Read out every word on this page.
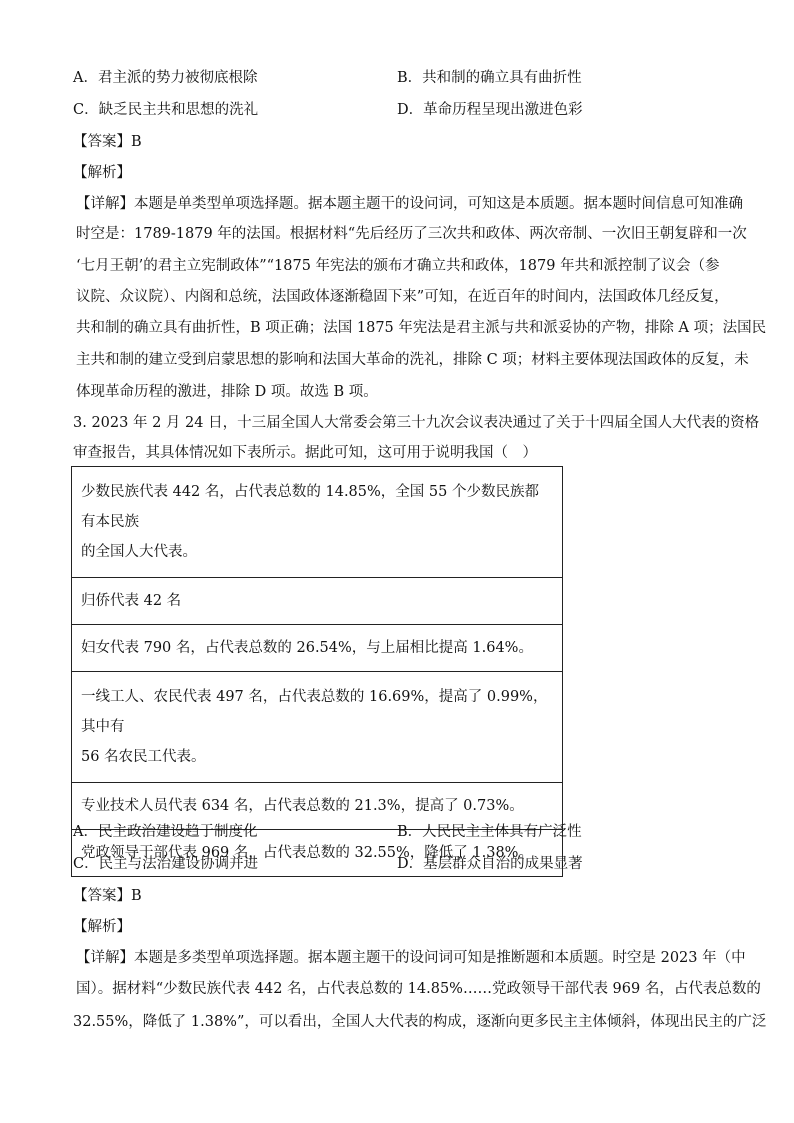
A．君主派的势力被彻底根除	B．共和制的确立具有曲折性
C．缺乏民主共和思想的洗礼	D．革命历程呈现出激进色彩
【答案】B
【解析】
【详解】本题是单类型单项选择题。据本题主题干的设问词，可知这是本质题。据本题时间信息可知准确
时空是：1789-1879 年的法国。根据材料“先后经历了三次共和政体、两次帝制、一次旧王朝复辟和一次
‘七月王朝’的君主立宪制政体”“1875 年宪法的颁布才确立共和政体，1879 年共和派控制了议会（参
议院、众议院）、内阁和总统，法国政体逐渐稳固下来”可知，在近百年的时间内，法国政体几经反复，
共和制的确立具有曲折性，B 项正确；法国 1875 年宪法是君主派与共和派妥协的产物，排除 A 项；法国民
主共和制的建立受到启蒙思想的影响和法国大革命的洗礼，排除 C 项；材料主要体现法国政体的反复，未
体现革命历程的激进，排除 D 项。故选 B 项。
3. 2023 年 2 月 24 日，十三届全国人大常委会第三十九次会议表决通过了关于十四届全国人大代表的资格
审查报告，其具体情况如下表所示。据此可知，这可用于说明我国（　）
少数民族代表 442 名，占代表总数的 14.85%，全国 55 个少数民族都有本民族
的全国人大代表。
归侨代表 42 名
妇女代表 790 名，占代表总数的 26.54%，与上届相比提高 1.64%。
一线工人、农民代表 497 名，占代表总数的 16.69%，提高了 0.99%，其中有
56 名农民工代表。
专业技术人员代表 634 名，占代表总数的 21.3%，提高了 0.73%。
党政领导干部代表 969 名，占代表总数的 32.55%，降低了 1.38%。
A．民主政治建设趋于制度化	B．人民民主主体具有广泛性
C．民主与法治建设协调并进	D．基层群众自治的成果显著
【答案】B
【解析】
【详解】本题是多类型单项选择题。据本题主题干的设问词可知是推断题和本质题。时空是 2023 年（中
国）。据材料“少数民族代表 442 名，占代表总数的 14.85%……党政领导干部代表 969 名，占代表总数的
32.55%，降低了 1.38%”，可以看出，全国人大代表的构成，逐渐向更多民主主体倾斜，体现出民主的广泛
